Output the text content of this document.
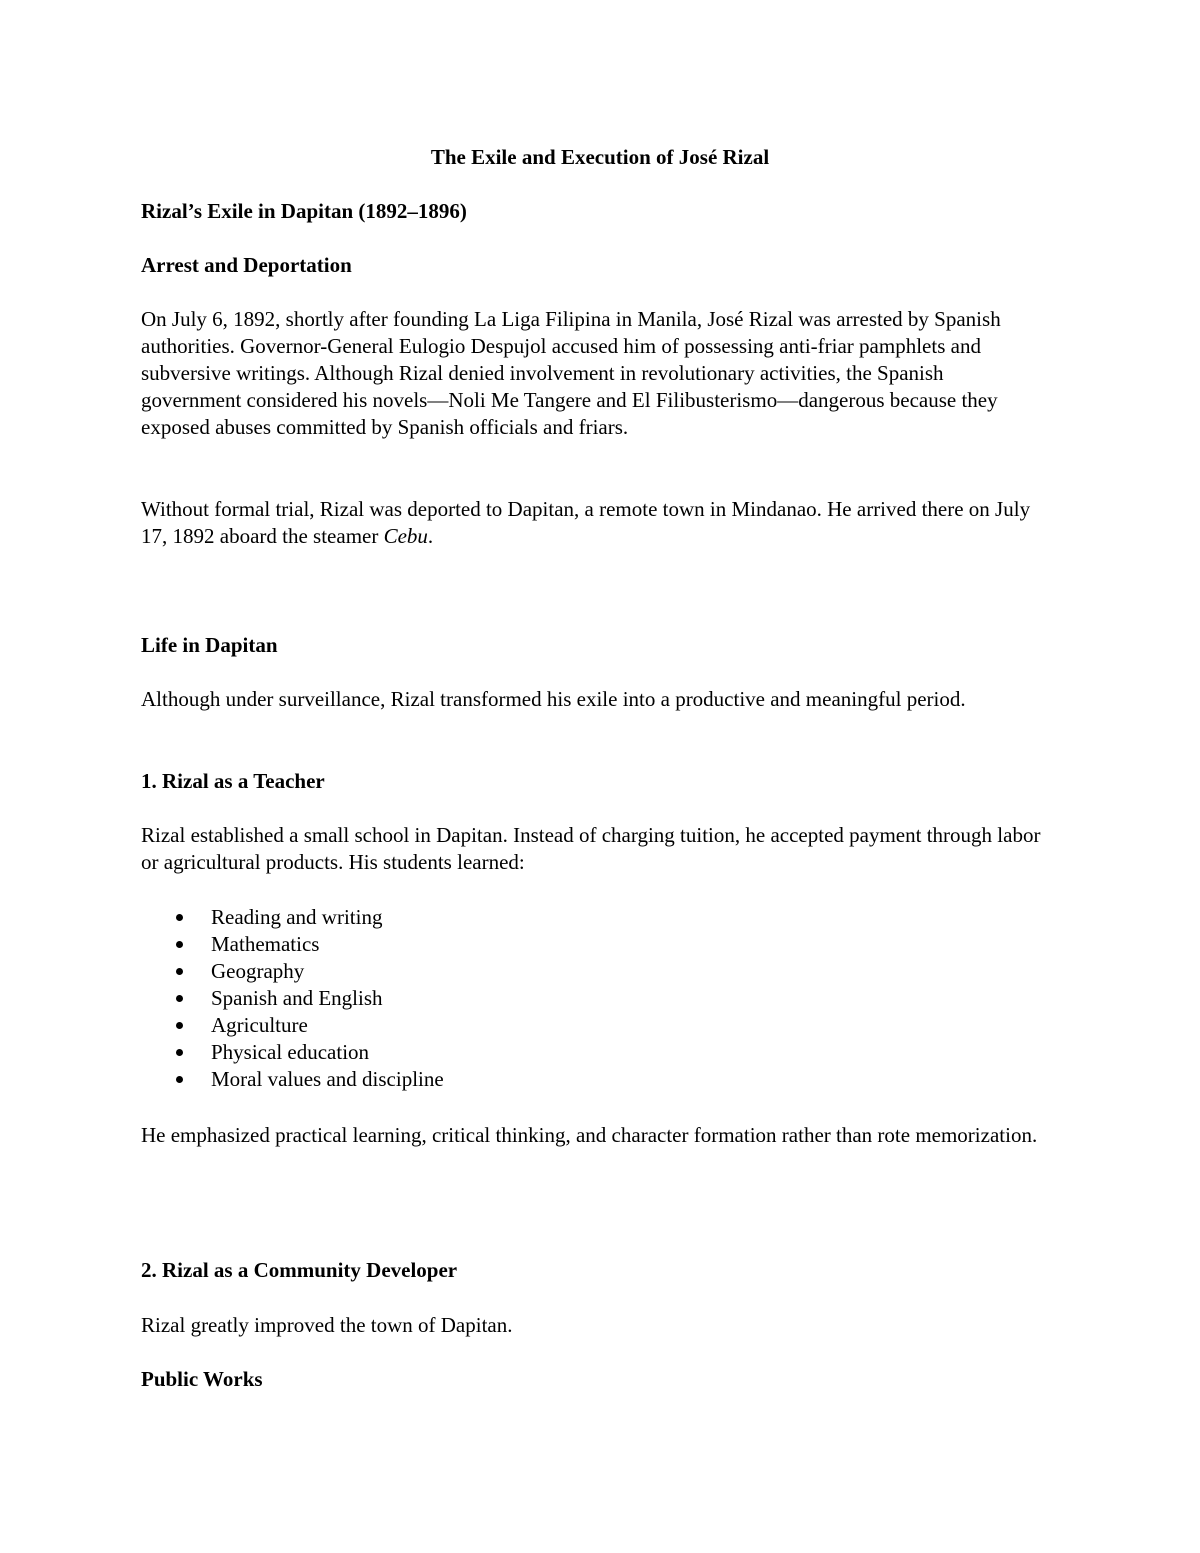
The Exile and Execution of José Rizal

Rizal’s Exile in Dapitan (1892–1896)

Arrest and Deportation

On July 6, 1892, shortly after founding La Liga Filipina in Manila, José Rizal was arrested by Spanish authorities. Governor-General Eulogio Despujol accused him of possessing anti-friar pamphlets and subversive writings. Although Rizal denied involvement in revolutionary activities, the Spanish government considered his novels—Noli Me Tangere and El Filibusterismo—dangerous because they exposed abuses committed by Spanish officials and friars.

Without formal trial, Rizal was deported to Dapitan, a remote town in Mindanao. He arrived there on July 17, 1892 aboard the steamer Cebu.

Life in Dapitan

Although under surveillance, Rizal transformed his exile into a productive and meaningful period.

1. Rizal as a Teacher

Rizal established a small school in Dapitan. Instead of charging tuition, he accepted payment through labor or agricultural products. His students learned:

Reading and writing
Mathematics
Geography
Spanish and English
Agriculture
Physical education
Moral values and discipline

He emphasized practical learning, critical thinking, and character formation rather than rote memorization.

2. Rizal as a Community Developer

Rizal greatly improved the town of Dapitan.

Public Works
